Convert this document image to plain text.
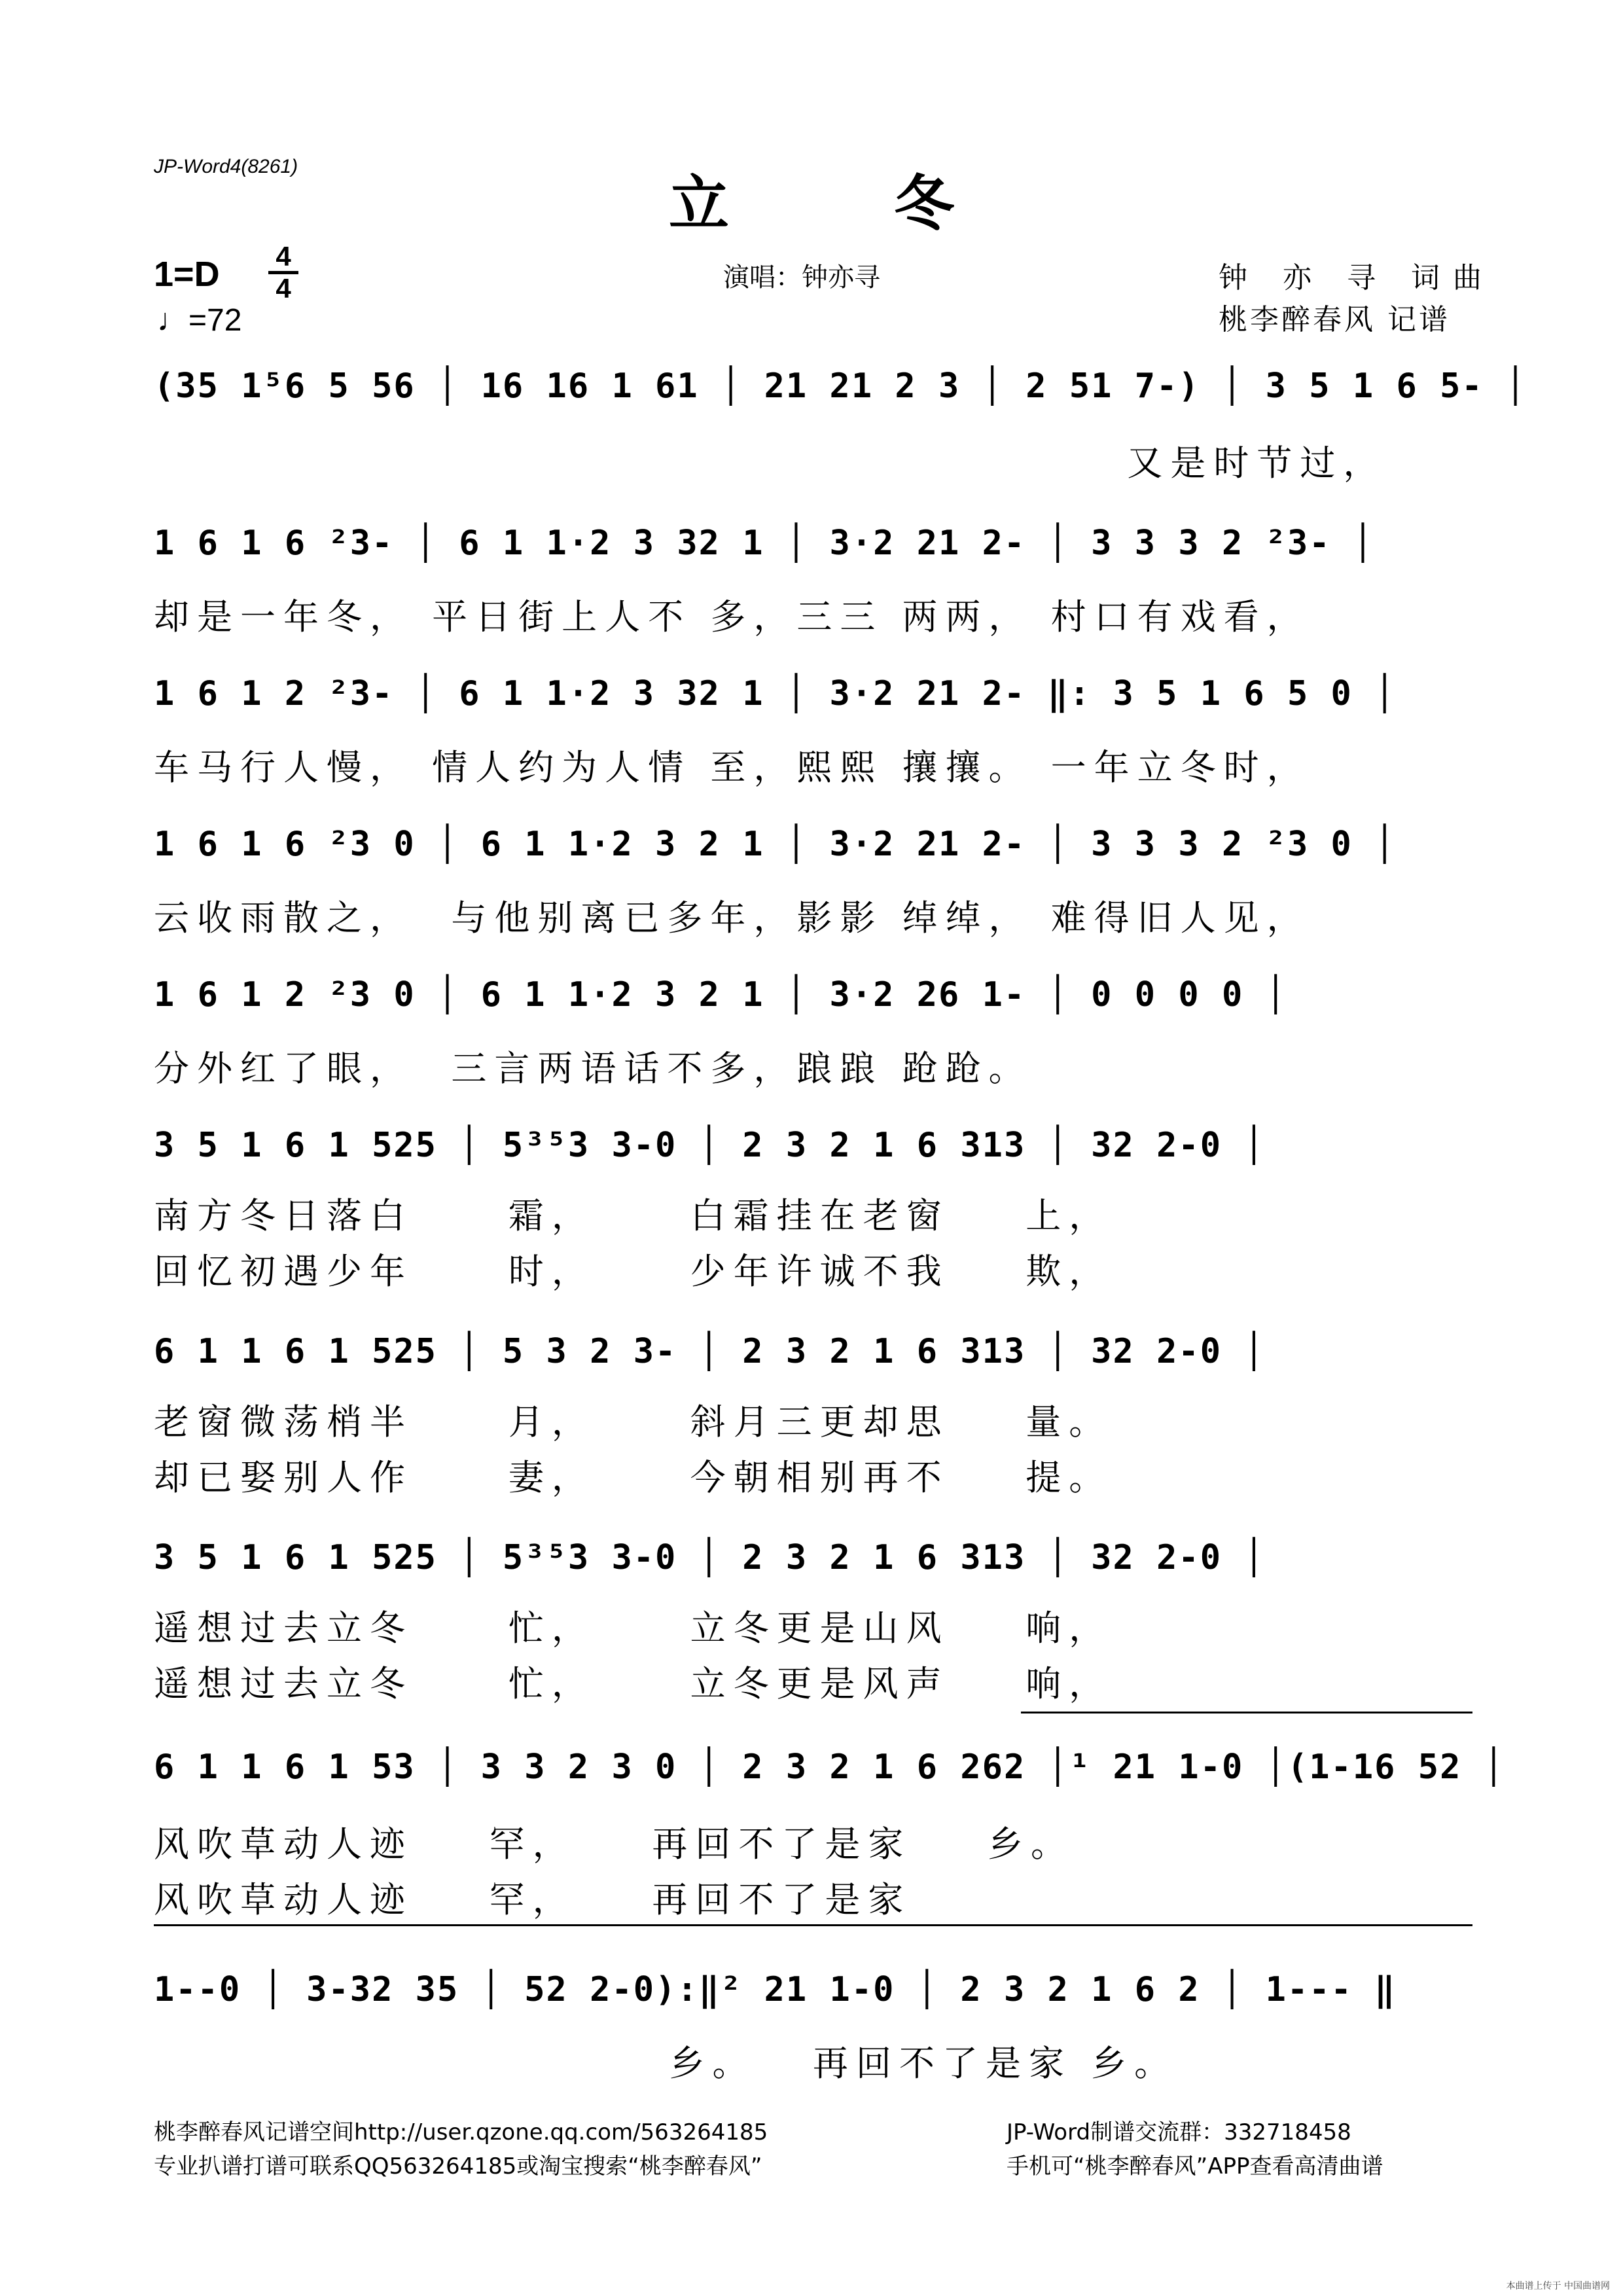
JP-Word4(8261)
立 冬
1=D 4
4
♩=72
演唱：钟亦寻	钟 亦 寻 词曲
桃李醉春风 记谱
(35 1⁵6 5 56 │ 16 16 1 61 │ 21 21 2 3 │ 2 51 7-) │ 3 5 1 6 5- │
又是时节过，
1 6 1 6 ²3- │ 6 1 1·2 3 32 1 │ 3·2 21 2- │ 3 3 3 2 ²3- │
却是一年冬， 平日街上人不 多，三三 两两， 村口有戏看，
1 6 1 2 ²3- │ 6 1 1·2 3 32 1 │ 3·2 21 2- ‖: 3 5 1 6 5 0 │
车马行人慢， 情人约为人情 至，熙熙 攘攘。 一年立冬时，
1 6 1 6 ²3 0 │ 6 1 1·2 3 2 1 │ 3·2 21 2- │ 3 3 3 2 ²3 0 │
云收雨散之，  与他别离已多年，影影 绰绰， 难得旧人见，
1 6 1 2 ²3 0 │ 6 1 1·2 3 2 1 │ 3·2 26 1- │ 0 0 0 0 │
分外红了眼，  三言两语话不多，踉踉 跄跄。
3 5 1 6 1 525 │ 5³⁵3 3-0 │ 2 3 2 1 6 313 │ 32 2-0 │
南方冬日落白     霜，     白霜挂在老窗    上，
回忆初遇少年     时，     少年许诚不我    欺，
6 1 1 6 1 525 │ 5 3 2 3- │ 2 3 2 1 6 313 │ 32 2-0 │
老窗微荡梢半     月，     斜月三更却思    量。
却已娶别人作     妻，     今朝相别再不    提。
3 5 1 6 1 525 │ 5³⁵3 3-0 │ 2 3 2 1 6 313 │ 32 2-0 │
遥想过去立冬     忙，     立冬更是山风    响，
遥想过去立冬     忙，     立冬更是风声    响，
6 1 1 6 1 53 │ 3 3 2 3 0 │ 2 3 2 1 6 262 │¹ 21 1-0 │(1-16 52 │
风吹草动人迹    罕，    再回不了是家    乡。
风吹草动人迹    罕，    再回不了是家
1--0 │ 3-32 35 │ 52 2-0):‖² 21 1-0 │ 2 3 2 1 6 2 │ 1--- ‖
乡。   再回不了是家 乡。
桃李醉春风记谱空间http://user.qzone.qq.com/563264185
专业扒谱打谱可联系QQ563264185或淘宝搜索“桃李醉春风”
JP-Word制谱交流群：332718458
手机可“桃李醉春风”APP查看高清曲谱
本曲谱上传于 中国曲谱网
